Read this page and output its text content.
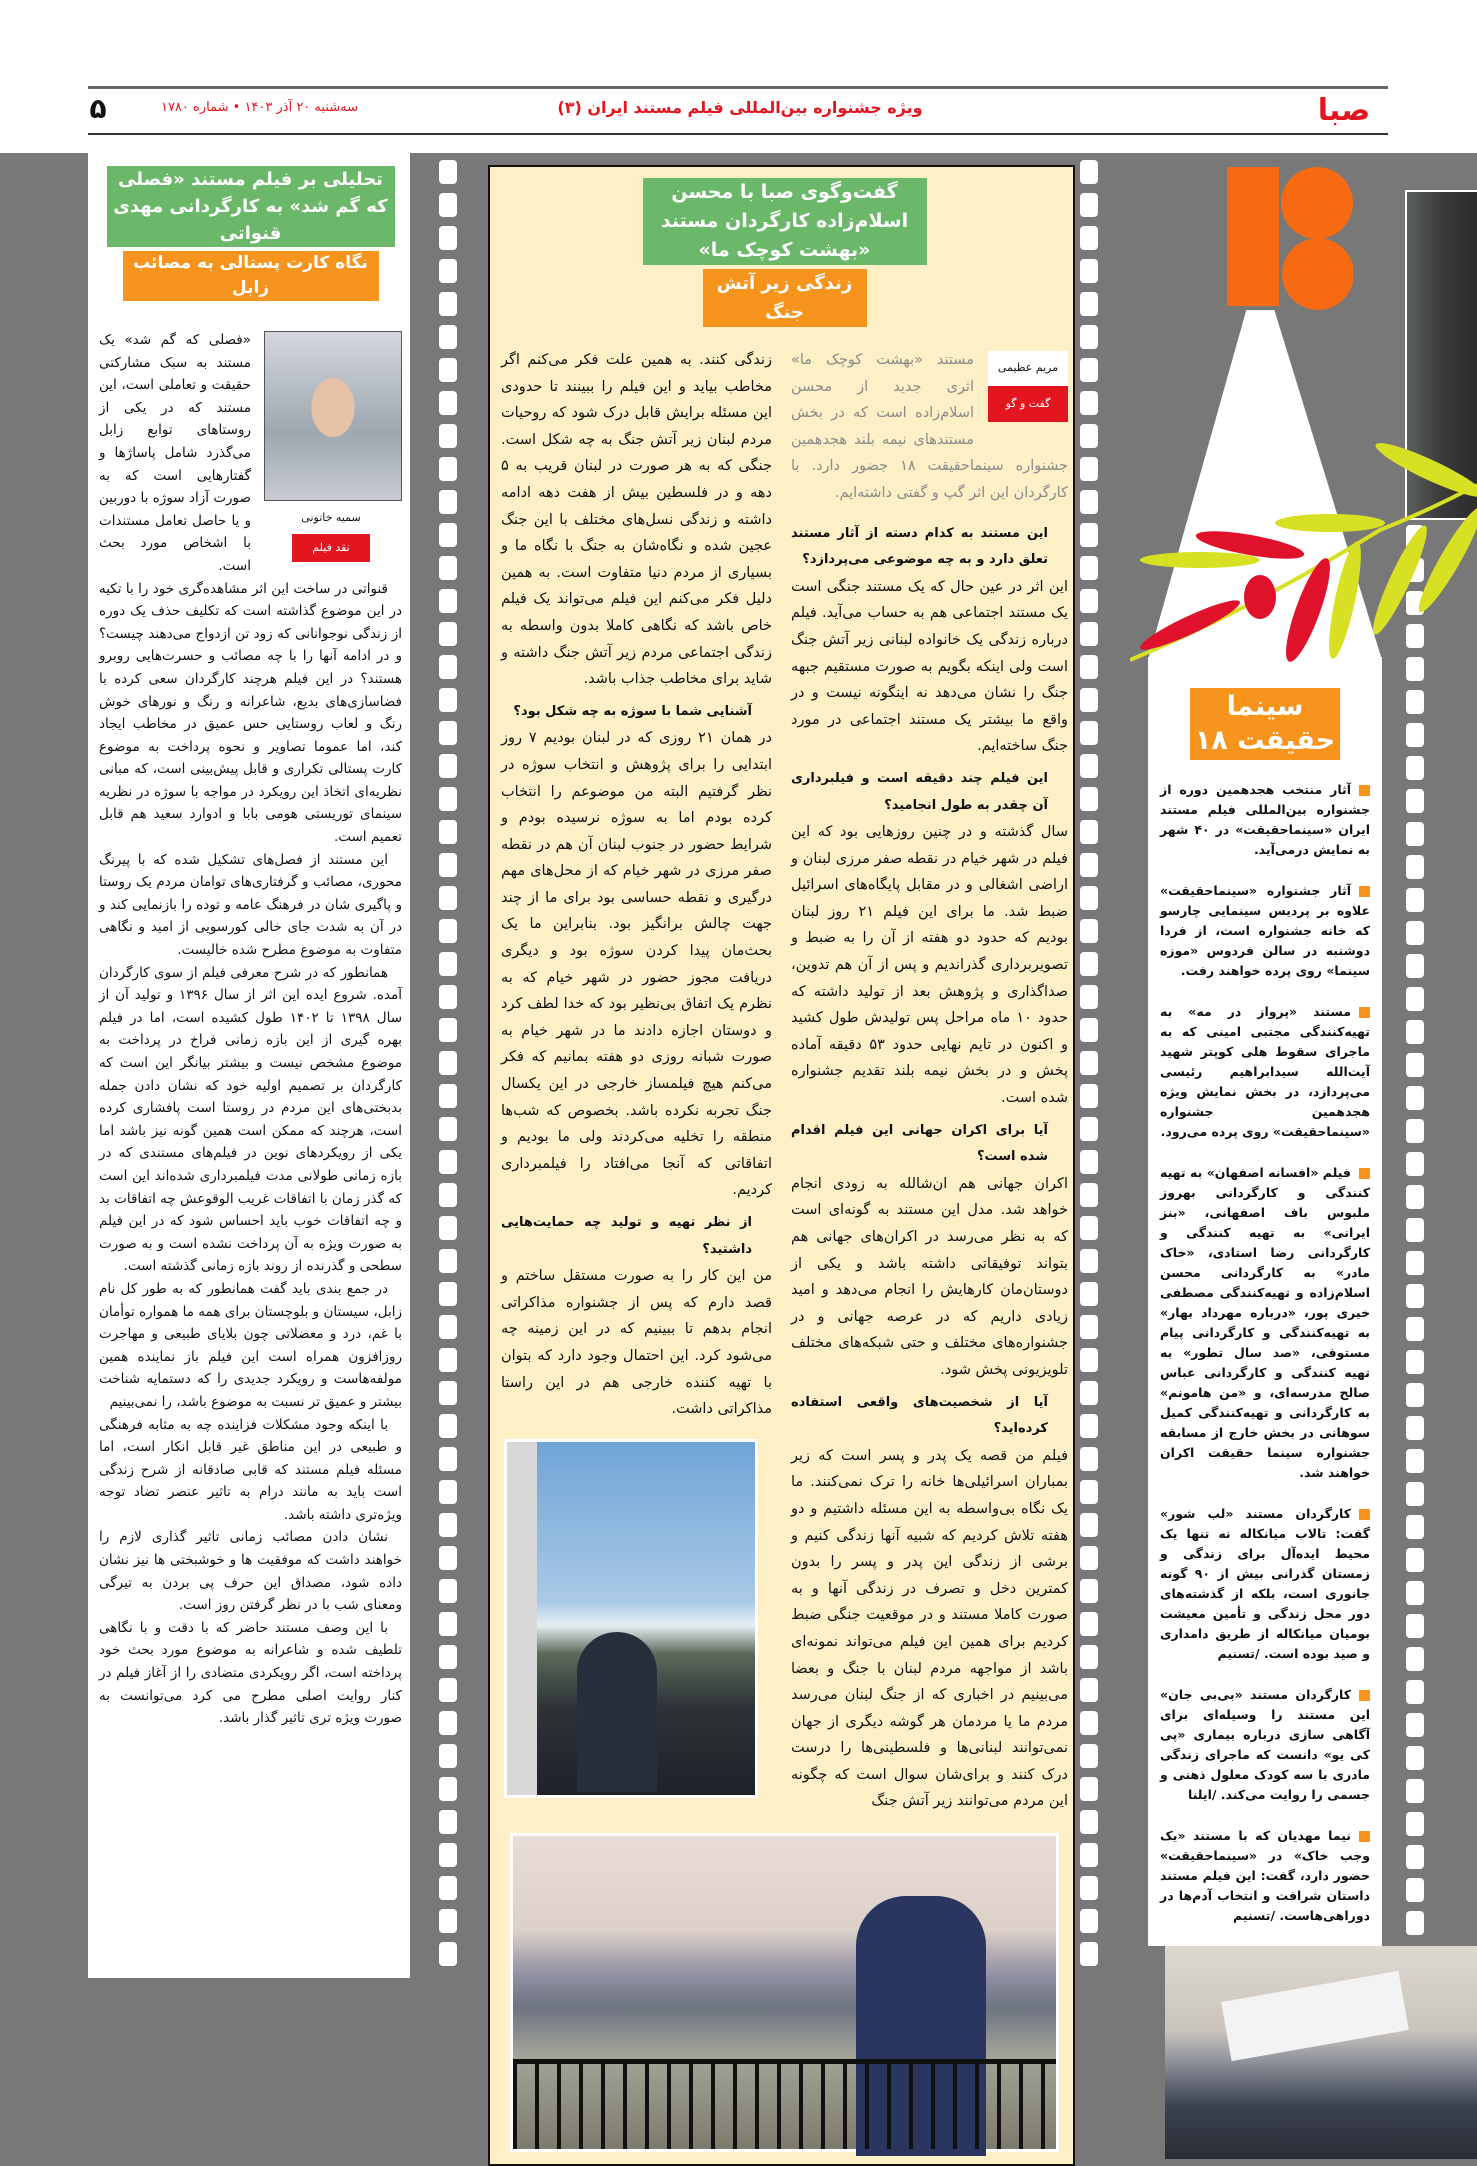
صبا
ویژه جشنواره بین‌المللی فیلم مستند ایران (۳)
سه‌شنبه ۲۰ آذر ۱۴۰۳ • شماره ۱۷۸۰
۵
تحلیلی بر فیلم مستند «فصلی که گم شد» به کارگردانی مهدی قنواتی
نگاه کارت پستالی به مصائب زابل
سمیه خاتونی
نقد فیلم

«فصلی که گم شد» یک مستند به سبک مشارکتی حقیقت و تعاملی است، این مستند که در یکی از روستاهای توابع زابل می‌گذرد شامل پاساژها و گفتارهایی است که به صورت آزاد سوژه با دوربین و یا حاصل تعامل مستندات با اشخاص مورد بحث است.

قنواتی در ساخت این اثر مشاهده‌گری خود را با تکیه در این موضوع گذاشته است که تکلیف حذف یک دوره از زندگی نوجوانانی که زود تن ازدواج می‌دهند چیست؟ و در ادامه آنها را با چه مصائب و حسرت‌هایی روبرو هستند؟ در این فیلم هرچند کارگردان سعی کرده با فضاسازی‌های بدیع، شاعرانه و رنگ و نورهای خوش رنگ و لعاب روستایی حس عمیق در مخاطب ایجاد کند، اما عموما تصاویر و نحوه پرداخت به موضوع کارت پستالی تکراری و قابل پیش‌بینی است، که مبانی نظریه‌ای اتخاذ این رویکرد در مواجه با سوژه در نظریه سینمای توریستی هومی بابا و ادوارد سعید هم قابل تعمیم است.

این مستند از فصل‌های تشکیل شده که با پیرنگ محوری، مصائب و گرفتاری‌های توامان مردم یک روستا و پاگیری شان در فرهنگ عامه و توده را بازنمایی کند و در آن به شدت جای خالی کورسویی از امید و نگاهی متفاوت به موضوع مطرح شده خالیست.

همانطور که در شرح معرفی فیلم از سوی کارگردان آمده. شروع ایده این اثر از سال ۱۳۹۶ و تولید آن از سال ۱۳۹۸ تا ۱۴۰۲ طول کشیده است، اما در فیلم بهره گیری از این بازه زمانی فراخ در پرداخت به موضوع مشخص نیست و بیشتر بیانگر این است که کارگردان بر تصمیم اولیه خود که نشان دادن جمله بدبختی‌های این مردم در روستا است پافشاری کرده است، هرچند که ممکن است همین گونه نیز باشد اما یکی از رویکردهای نوین در فیلم‌های مستندی که در بازه زمانی طولانی مدت فیلمبرداری شده‌اند این است که گذر زمان با اتفاقات غریب الوقوعش چه اتفاقات بد و چه اتفاقات خوب باید احساس شود که در این فیلم به صورت ویژه به آن پرداخت نشده است و به صورت سطحی و گذرنده از روند بازه زمانی گذشته است.

در جمع بندی باید گفت همانطور که به طور کل نام زابل، سیستان و بلوچستان برای همه ما همواره توأمان با غم، درد و معضلاتی چون بلایای طبیعی و مهاجرت روزافزون همراه است این فیلم باز نماینده همین مولفه‌هاست و رویکرد جدیدی را که دستمایه شناخت بیشتر و عمیق تر نسبت به موضوع باشد، را نمی‌بینیم

با اینکه وجود مشکلات فزاینده چه به مثابه فرهنگی و طبیعی در این مناطق غیر قابل انکار است، اما مسئله فیلم مستند که قابی صادقانه از شرح زندگی است باید به مانند درام به تاثیر عنصر تضاد توجه ویژه‌تری داشته باشد.

نشان دادن مصائب زمانی تاثیر گذاری لازم را خواهند داشت که موفقیت ها و خوشبختی ها نیز نشان داده شود، مصداق این حرف پی بردن به تیرگی ومعنای شب با در نظر گرفتن روز است.

با این وصف مستند حاضر که با دقت و با نگاهی تلطیف شده و شاعرانه به موضوع مورد بحث خود پرداخته است، اگر رویکردی متضادی را از آغاز فیلم در کنار روایت اصلی مطرح می کرد می‌توانست به صورت ویژه تری تاثیر گذار باشد.

گفت‌وگوی صبا با محسن اسلام‌زاده کارگردان مستند «بهشت کوچک ما»
زندگی زیر آتش جنگ
مریم عظیمی
گفت و گو

مستند «بهشت کوچک ما» اثری جدید از محسن اسلام‌زاده است که در بخش مستندهای نیمه بلند هجدهمین جشنواره سینماحقیقت ۱۸ جضور دارد. با کارگردان این اثر گپ و گفتی داشته‌ایم.

این مستند به کدام دسته از آثار مستند تعلق دارد و به چه موضوعی می‌پردازد؟

این اثر در عین حال که یک مستند جنگی است یک مستند اجتماعی هم به حساب می‌آید. فیلم درباره زندگی یک خانواده لبنانی زیر آتش جنگ است ولی اینکه بگویم به صورت مستقیم جبهه جنگ را نشان می‌دهد نه اینگونه نیست و در واقع ما بیشتر یک مستند اجتماعی در مورد جنگ ساخته‌ایم.

این فیلم چند دقیقه است و فیلبرداری آن چقدر به طول انجامید؟

سال گذشته و در چنین روزهایی بود که این فیلم در شهر خیام در نقطه صفر مرزی لبنان و اراضی اشغالی و در مقابل پایگاه‌های اسرائیل ضبط شد. ما برای این فیلم ۲۱ روز لبنان بودیم که حدود دو هفته از آن را به ضبط و تصویربرداری گذراندیم و پس از آن هم تدوین، صداگذاری و پژوهش بعد از تولید داشته که حدود ۱۰ ماه مراحل پس تولیدش طول کشید و اکنون در تایم نهایی حدود ۵۳ دقیقه آماده پخش و در بخش نیمه بلند تقدیم جشنواره شده است.

آیا برای اکران جهانی این فیلم اقدام شده است؟

اکران جهانی هم ان‌شالله به زودی انجام خواهد شد. مدل این مستند به گونه‌ای است که به نظر می‌رسد در اکران‌های جهانی هم بتواند توفیقاتی داشته باشد و یکی از دوستان‌مان کارهایش را انجام می‌دهد و امید زیادی داریم که در عرصه جهانی و در جشنواره‌های مختلف و حتی شبکه‌های مختلف تلویزیونی پخش شود.

آیا از شخصیت‌های واقعی استفاده کرده‌اید؟

فیلم من قصه یک پدر و پسر است که زیر بمباران اسرائیلی‌ها خانه را ترک نمی‌کنند. ما یک نگاه بی‌واسطه به این مسئله داشتیم و دو هفته تلاش کردیم که شبیه آنها زندگی کنیم و برشی از زندگی این پدر و پسر را بدون کمترین دخل و تصرف در زندگی آنها و به صورت کاملا مستند و در موقعیت جنگی ضبط کردیم برای همین این فیلم می‌تواند نمونه‌ای باشد از مواجهه مردم لبنان با جنگ و بعضا می‌بینیم در اخباری که از جنگ لبنان می‌رسد مردم ما یا مردمان هر گوشه دیگری از جهان نمی‌توانند لبنانی‌ها و فلسطینی‌ها را درست درک کنند و برای‌شان سوال است که چگونه این مردم می‌توانند زیر آتش جنگ

زندگی کنند. به همین علت فکر می‌کنم اگر مخاطب بیاید و این فیلم را ببینند تا حدودی این مسئله برایش قابل درک شود که روحیات مردم لبنان زیر آتش جنگ به چه شکل است. جنگی که به هر صورت در لبنان قریب به ۵ دهه و در فلسطین بیش از هفت دهه ادامه داشته و زندگی نسل‌های مختلف با این جنگ عجین شده و نگاه‌شان به جنگ با نگاه ما و بسیاری از مردم دنیا متفاوت است. به همین دلیل فکر می‌کنم این فیلم می‌تواند یک فیلم خاص باشد که نگاهی کاملا بدون واسطه به زندگی اجتماعی مردم زیر آتش جنگ داشته و شاید برای مخاطب جذاب باشد.

آشنایی شما با سوژه به چه شکل بود؟

در همان ۲۱ روزی که در لبنان بودیم ۷ روز ابتدایی را برای پژوهش و انتخاب سوژه در نظر گرفتیم البته من موضوعم را انتخاب کرده بودم اما به سوژه نرسیده بودم و شرایط حضور در جنوب لبنان آن هم در نقطه صفر مرزی در شهر خیام که از محل‌های مهم درگیری و نقطه حساسی بود برای ما از چند جهت چالش برانگیز بود. بنابراین ما یک بحث‌مان پیدا کردن سوژه بود و دیگری دریافت مجوز حضور در شهر خیام که به نظرم یک اتفاق بی‌نظیر بود که خدا لطف کرد و دوستان اجازه دادند ما در شهر خیام به صورت شبانه روزی دو هفته بمانیم که فکر می‌کنم هیچ فیلمساز خارجی در این یکسال جنگ تجربه نکرده باشد. بخصوص که شب‌ها منطقه را تخلیه می‌کردند ولی ما بودیم و اتفاقاتی که آنجا می‌افتاد را فیلمبرداری کردیم.

از نظر تهیه و تولید چه حمایت‌هایی داشتید؟

من این کار را به صورت مستقل ساختم و قصد دارم که پس از جشنواره مذاکراتی انجام بدهم تا ببینیم که در این زمینه چه می‌شود کرد. این احتمال وجود دارد که بتوان با تهیه کننده خارجی هم در این راستا مذاکراتی داشت.

سینما
حقیقت ۱۸
آثار منتخب هجدهمین دوره از جشنواره بین‌المللی فیلم مستند ایران «سینماحقیقت» در ۴۰ شهر به نمایش درمی‌آید.
آثار جشنواره «سینماحقیقت» علاوه بر پردیس سینمایی چارسو که خانه جشنواره است، از فردا دوشنبه در سالن فردوس «موزه سینما» روی پرده خواهند رفت.
مستند «پرواز در مه» به تهیه‌کنندگی مجتبی امینی که به ماجرای سقوط هلی کوپتر شهید آیت‌الله سیدابراهیم رئیسی می‌پردازد، در بخش نمایش ویژه هجدهمین جشنواره «سینماحقیقت» روی پرده می‌رود.
فیلم «افسانه اصفهان» به تهیه کنندگی و کارگردانی بهروز ملبوس باف اصفهانی، «بنز ایرانی» به تهیه کنندگی و کارگردانی رضا استادی، «خاک مادر» به کارگردانی محسن اسلام‌زاده و تهیه‌کنندگی مصطفی خیری پور، «درباره مهرداد بهار» به تهیه‌کنندگی و کارگردانی پیام مستوفی، «صد سال تطور» به تهیه کنندگی و کارگردانی عباس صالح مدرسه‌ای، و «من هامونم» به کارگردانی و تهیه‌کنندگی کمیل سوهانی در بخش خارج از مسابقه جشنواره سینما حقیقت اکران خواهند شد.
کارگردان مستند «لب شور» گفت: تالاب میانکاله نه تنها یک محیط ایده‌آل برای زندگی و زمستان گذرانی بیش از ۹۰ گونه جانوری است، بلکه از گذشته‌های دور محل زندگی و تأمین معیشت بومیان میانکاله از طریق دامداری و صید بوده است. /تسنیم
کارگردان مستند «بی‌بی جان» این مستند را وسیله‌ای برای آگاهی سازی درباره بیماری «پی کی یو» دانست که ماجرای زندگی مادری با سه کودک معلول ذهنی و جسمی را روایت می‌کند. /ایلنا
نیما مهدیان که با مستند «یک وجب خاک» در «سینماحقیقت» حضور دارد، گفت: این فیلم مستند داستان شرافت و انتخاب آدم‌ها در دوراهی‌هاست. /تسنیم
